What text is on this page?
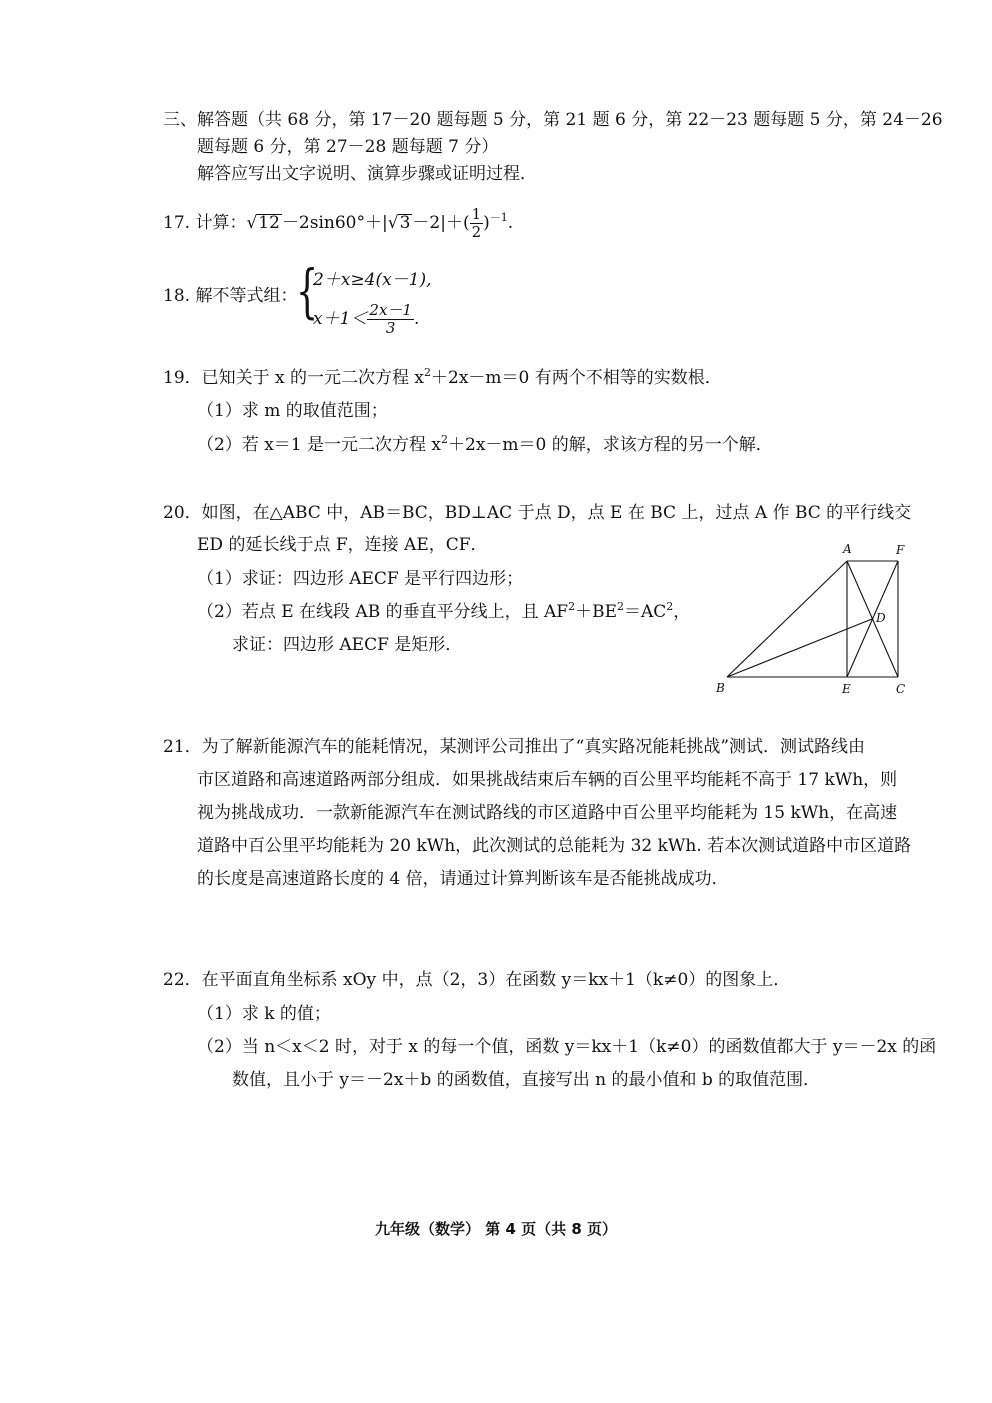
三、解答题（共 68 分，第 17－20 题每题 5 分，第 21 题 6 分，第 22－23 题每题 5 分，第 24－26
题每题 6 分，第 27－28 题每题 7 分）
解答应写出文字说明、演算步骤或证明过程．
17. 计算：$√12 -2\sin 60^\circ+|√3 -2|+( \frac{1}{2} )^{-1}$.
18. 解不等式组：
{
2＋x≥4(x－1),
$x+1< \frac{2x-1}{3}$ .
19．已知关于 x 的一元二次方程 $x^2+2x-m=0$ 有两个不相等的实数根．
（1）求 m 的取值范围；
（2）若 x＝1 是一元二次方程 $x^2+2x-m=0$ 的解，求该方程的另一个解．
20．如图，在△ABC 中，AB＝BC，BD⊥AC 于点 D，点 E 在 BC 上，过点 A 作 BC 的平行线交
ED 的延长线于点 F，连接 AE，CF．
（1）求证：四边形 AECF 是平行四边形；
（2）若点 E 在线段 AB 的垂直平分线上，且 $AF^2+BE^2=AC^2$，
求证：四边形 AECF 是矩形．
A	F
D
B	E	C
21．为了解新能源汽车的能耗情况，某测评公司推出了“真实路况能耗挑战”测试．测试路线由
市区道路和高速道路两部分组成．如果挑战结束后车辆的百公里平均能耗不高于 17 kWh，则
视为挑战成功．一款新能源汽车在测试路线的市区道路中百公里平均能耗为 15 kWh，在高速
道路中百公里平均能耗为 20 kWh，此次测试的总能耗为 32 kWh. 若本次测试道路中市区道路
的长度是高速道路长度的 4 倍，请通过计算判断该车是否能挑战成功．
22．在平面直角坐标系 xOy 中，点（2，3）在函数 y＝kx＋1（k≠0）的图象上．
（1）求 k 的值；
（2）当 n＜x＜2 时，对于 x 的每一个值，函数 y＝kx＋1（k≠0）的函数值都大于 y＝－2x 的函
数值，且小于 y＝－2x＋b 的函数值，直接写出 n 的最小值和 b 的取值范围．
九年级（数学） 第 4 页（共 8 页）
